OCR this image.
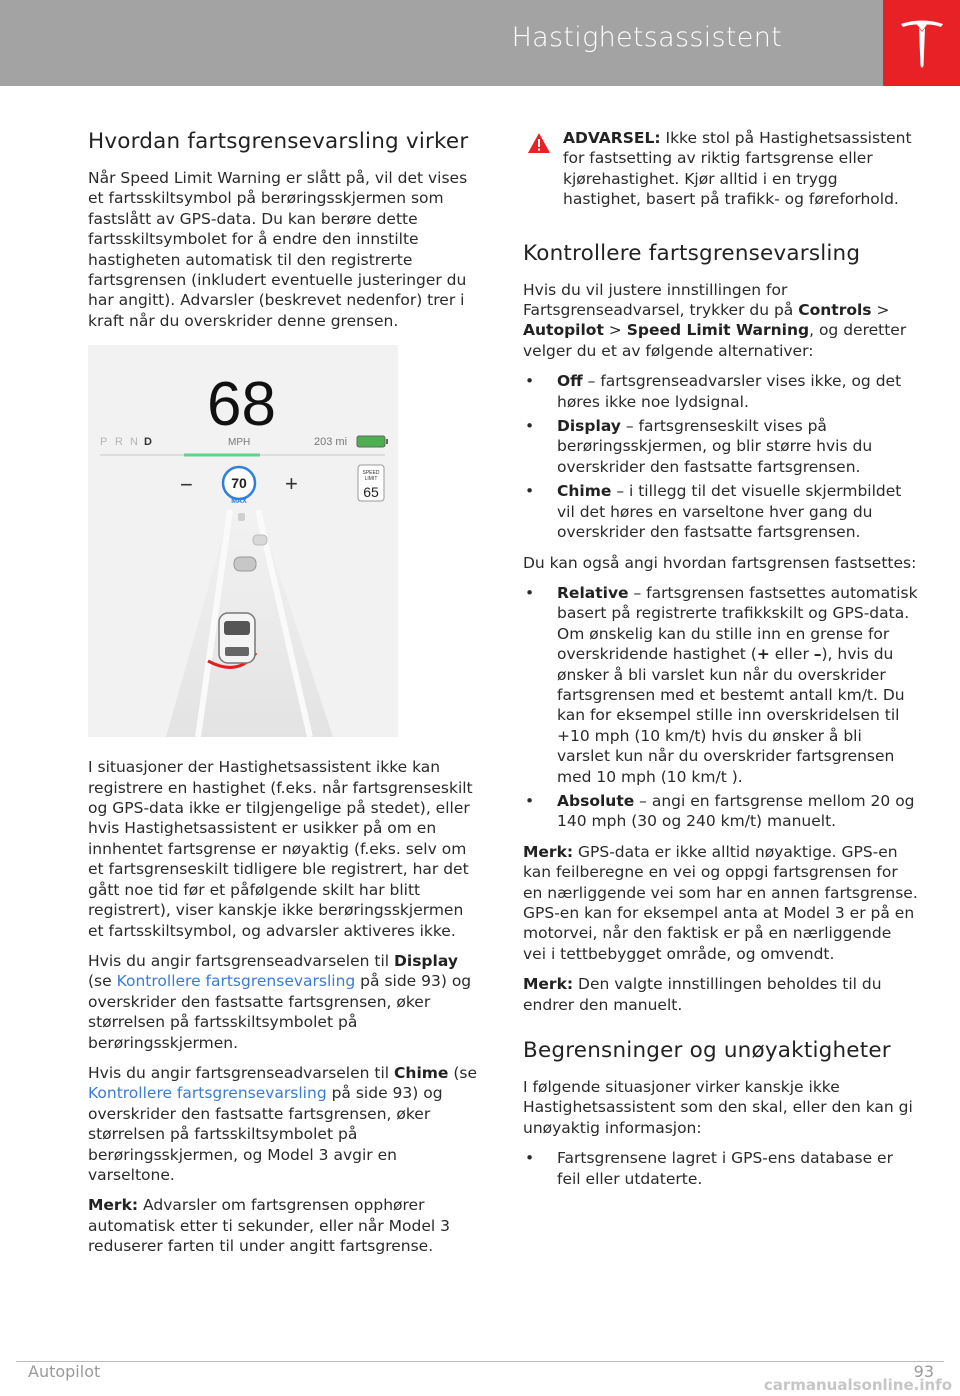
Hastighetsassistent
Hvordan fartsgrensevarsling virker

Når Speed Limit Warning er slått på, vil det vises et fartsskiltsymbol på berøringsskjermen som fastslått av GPS-data. Du kan berøre dette fartsskiltsymbolet for å endre den innstilte hastigheten automatisk til den registrerte fartsgrensen (inkludert eventuelle justeringer du har angitt). Advarsler (beskrevet nedenfor) trer i kraft når du overskrider denne grensen.

68
P R N D	MPH	203 mi
−	70
MAX
+	SPEED
LIMIT
65

I situasjoner der Hastighetsassistent ikke kan registrere en hastighet (f.eks. når fartsgrenseskilt og GPS-data ikke er tilgjengelige på stedet), eller hvis Hastighetsassistent er usikker på om en innhentet fartsgrense er nøyaktig (f.eks. selv om et fartsgrenseskilt tidligere ble registrert, har det gått noe tid før et påfølgende skilt har blitt registrert), viser kanskje ikke berøringsskjermen et fartsskiltsymbol, og advarsler aktiveres ikke.

Hvis du angir fartsgrenseadvarselen til Display (se Kontrollere fartsgrensevarsling på side 93) og overskrider den fastsatte fartsgrensen, øker størrelsen på fartsskiltsymbolet på berøringsskjermen.

Hvis du angir fartsgrenseadvarselen til Chime (se Kontrollere fartsgrensevarsling på side 93) og overskrider den fastsatte fartsgrensen, øker størrelsen på fartsskiltsymbolet på berøringsskjermen, og Model 3 avgir en varseltone.

Merk: Advarsler om fartsgrensen opphører automatisk etter ti sekunder, eller når Model 3 reduserer farten til under angitt fartsgrense.

ADVARSEL: Ikke stol på Hastighetsassistent for fastsetting av riktig fartsgrense eller kjørehastighet. Kjør alltid i en trygg hastighet, basert på trafikk- og føreforhold.
Kontrollere fartsgrensevarsling

Hvis du vil justere innstillingen for Fartsgrenseadvarsel, trykker du på Controls > Autopilot > Speed Limit Warning, og deretter velger du et av følgende alternativer:

• Off – fartsgrenseadvarsler vises ikke, og det høres ikke noe lydsignal.
• Display – fartsgrenseskilt vises på berøringsskjermen, og blir større hvis du overskrider den fastsatte fartsgrensen.
• Chime – i tillegg til det visuelle skjermbildet vil det høres en varseltone hver gang du overskrider den fastsatte fartsgrensen.

Du kan også angi hvordan fartsgrensen fastsettes:

• Relative – fartsgrensen fastsettes automatisk basert på registrerte trafikkskilt og GPS-data. Om ønskelig kan du stille inn en grense for overskridende hastighet (+ eller –), hvis du ønsker å bli varslet kun når du overskrider fartsgrensen med et bestemt antall km/t. Du kan for eksempel stille inn overskridelsen til +10 mph (10 km/t) hvis du ønsker å bli varslet kun når du overskrider fartsgrensen med 10 mph (10 km/t ).
• Absolute – angi en fartsgrense mellom 20 og 140 mph (30 og 240 km/t) manuelt.

Merk: GPS-data er ikke alltid nøyaktige. GPS-en kan feilberegne en vei og oppgi fartsgrensen for en nærliggende vei som har en annen fartsgrense. GPS-en kan for eksempel anta at Model 3 er på en motorvei, når den faktisk er på en nærliggende vei i tettbebygget område, og omvendt.

Merk: Den valgte innstillingen beholdes til du endrer den manuelt.

Begrensninger og unøyaktigheter

I følgende situasjoner virker kanskje ikke Hastighetsassistent som den skal, eller den kan gi unøyaktig informasjon:

• Fartsgrensene lagret i GPS-ens database er feil eller utdaterte.
Autopilot	93
carmanualsonline.info
